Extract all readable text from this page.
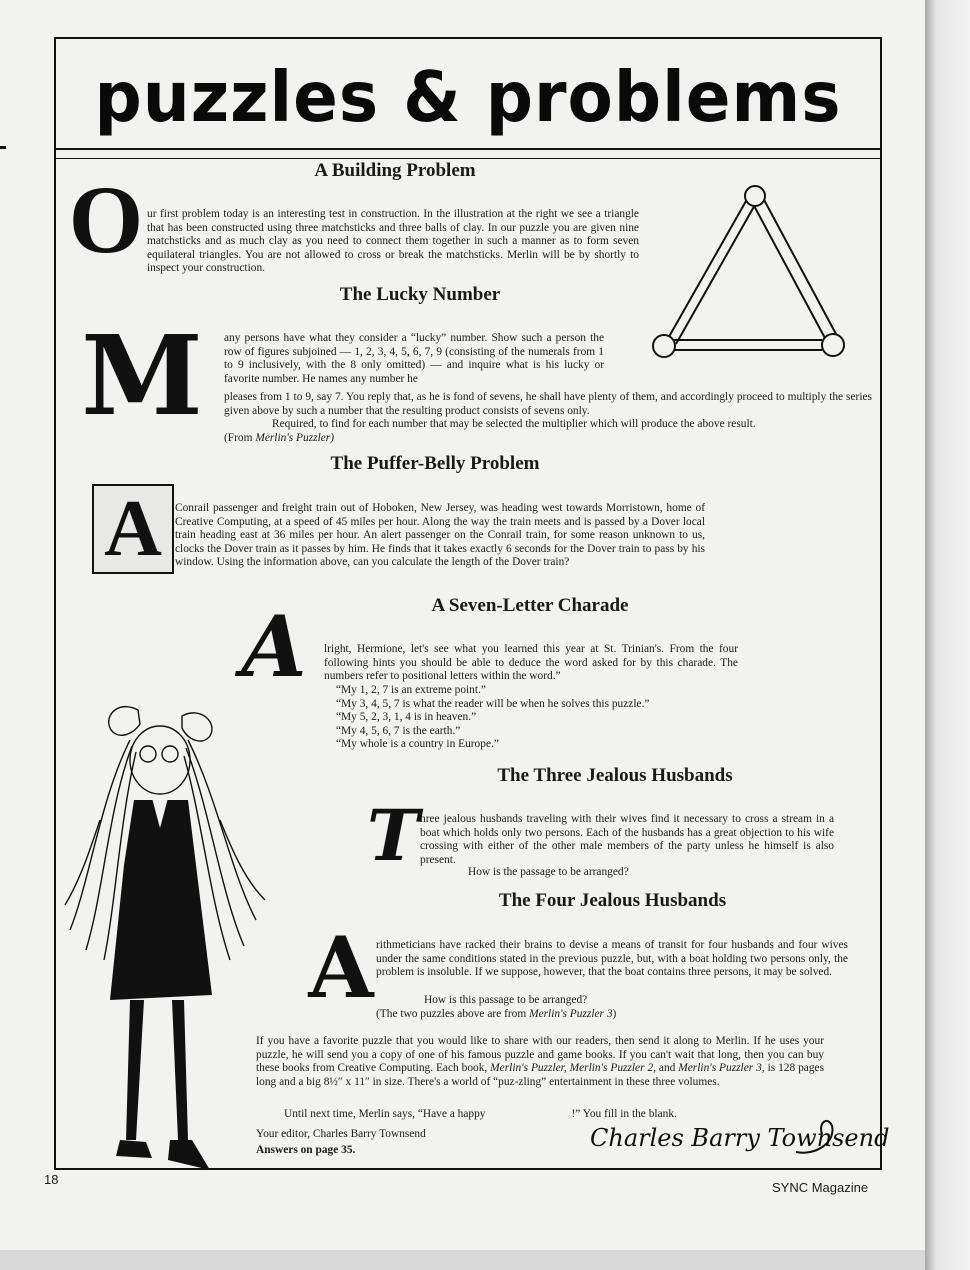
puzzles & problems
A Building Problem
O ur first problem today is an interesting test in construction. In the illustration at the right we see a triangle that has been constructed using three matchsticks and three balls of clay. In our puzzle you are given nine matchsticks and as much clay as you need to connect them together in such a manner as to form seven equilateral triangles. You are not allowed to cross or break the matchsticks. Merlin will be by shortly to inspect your construction.
The Lucky Number
M	any persons have what they consider a “lucky” number. Show such a person the row of figures subjoined — 1, 2, 3, 4, 5, 6, 7, 9 (consisting of the numerals from 1 to 9 inclusively, with the 8 only omitted) — and inquire what is his lucky or favorite number. He names any number he
pleases from 1 to 9, say 7. You reply that, as he is fond of sevens, he shall have plenty of them, and accordingly proceed to multiply the series given above by such a number that the resulting product consists of sevens only.
Required, to find for each number that may be selected the multiplier which will produce the above result.
(From Merlin's Puzzler)
The Puffer-Belly Problem
A	Conrail passenger and freight train out of Hoboken, New Jersey, was heading west towards Morristown, home of Creative Computing, at a speed of 45 miles per hour. Along the way the train meets and is passed by a Dover local train heading east at 36 miles per hour. An alert passenger on the Conrail train, for some reason unknown to us, clocks the Dover train as it passes by him. He finds that it takes exactly 6 seconds for the Dover train to pass by his window. Using the information above, can you calculate the length of the Dover train?
A Seven-Letter Charade
A	lright, Hermione, let's see what you learned this year at St. Trinian's. From the four following hints you should be able to deduce the word asked for by this charade. The numbers refer to positional letters within the word.”

“My 1, 2, 7 is an extreme point.”

“My 3, 4, 5, 7 is what the reader will be when he solves this puzzle.”

“My 5, 2, 3, 1, 4 is in heaven.”

“My 4, 5, 6, 7 is the earth.”

“My whole is a country in Europe.”

The Three Jealous Husbands
T hree jealous husbands traveling with their wives find it necessary to cross a stream in a boat which holds only two persons. Each of the husbands has a great objection to his wife crossing with either of the other male members of the party unless he himself is also present.
How is the passage to be arranged?
The Four Jealous Husbands
A rithmeticians have racked their brains to devise a means of transit for four husbands and four wives under the same conditions stated in the previous puzzle, but, with a boat holding two persons only, the problem is insoluble. If we suppose, however, that the boat contains three persons, it may be solved.
How is this passage to be arranged?
(The two puzzles above are from Merlin's Puzzler 3)
If you have a favorite puzzle that you would like to share with our readers, then send it along to Merlin. If he uses your puzzle, he will send you a copy of one of his famous puzzle and game books. If you can't wait that long, then you can buy these books from Creative Computing. Each book, Merlin's Puzzler, Merlin's Puzzler 2, and Merlin's Puzzler 3, is 128 pages long and a big 8½″ x 11″ in size. There's a world of “puz-zling” entertainment in these three volumes.
Until next time, Merlin says, “Have a happy	!” You fill in the blank.
Your editor, Charles Barry Townsend
Answers on page 35.	Charles Barry Townsend
18
SYNC Magazine
